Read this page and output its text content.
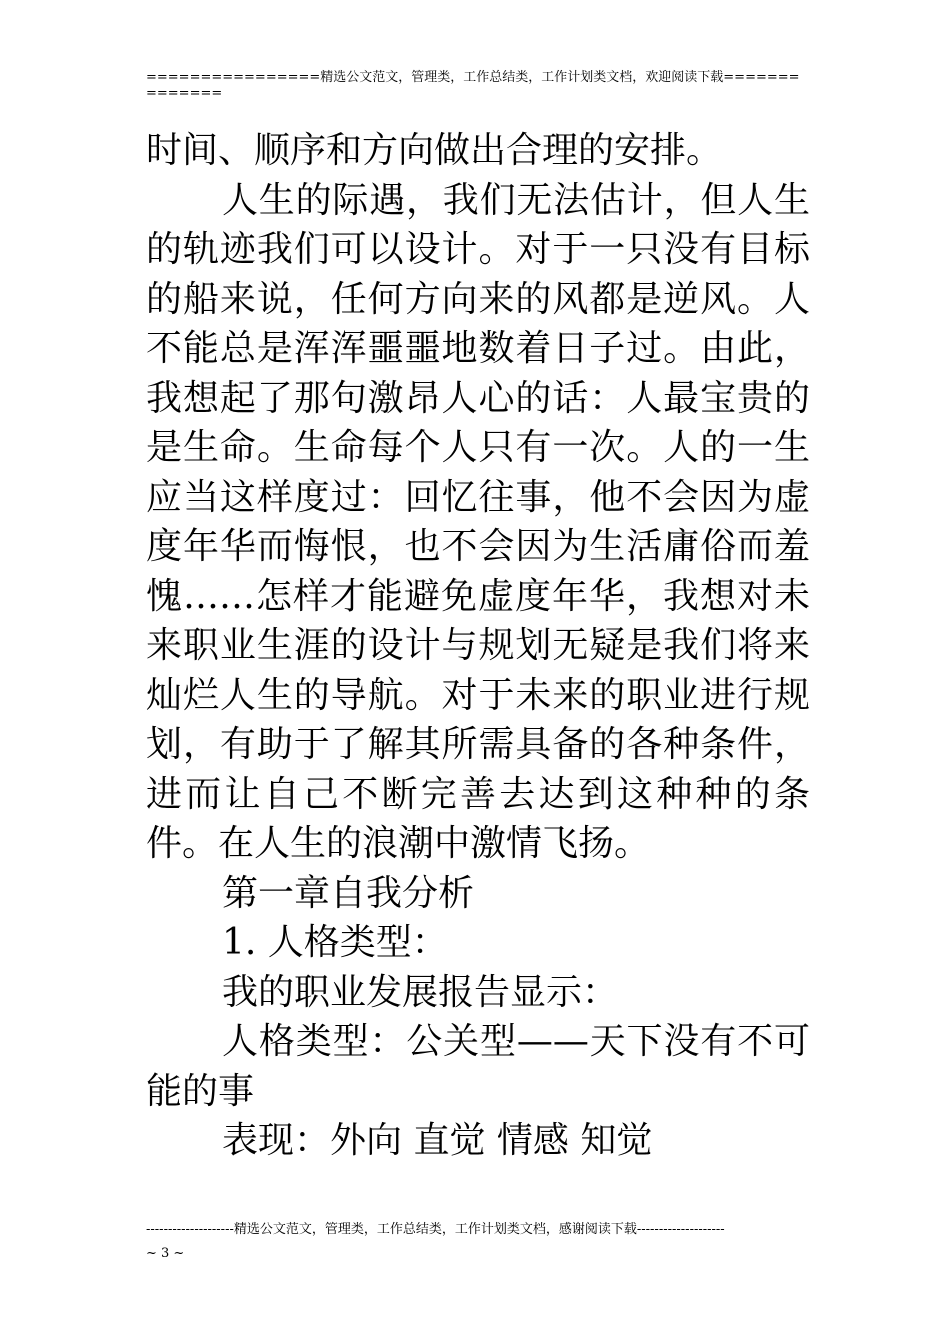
================精选公文范文，管理类，工作总结类，工作计划类文档，欢迎阅读下载==============

时间、顺序和方向做出合理的安排。

人生的际遇，我们无法估计，但人生的轨迹我们可以设计。对于一只没有目标的船来说，任何方向来的风都是逆风。人不能总是浑浑噩噩地数着日子过。由此，我想起了那句激昂人心的话：人最宝贵的是生命。生命每个人只有一次。人的一生应当这样度过：回忆往事，他不会因为虚度年华而悔恨，也不会因为生活庸俗而羞愧……怎样才能避免虚度年华，我想对未来职业生涯的设计与规划无疑是我们将来灿烂人生的导航。对于未来的职业进行规划，有助于了解其所需具备的各种条件，进而让自己不断完善去达到这种种的条件。在人生的浪潮中激情飞扬。

第一章自我分析

1. 人格类型：

我的职业发展报告显示：

人格类型：公关型——天下没有不可能的事

表现：外向 直觉 情感 知觉

--------------------精选公文范文，管理类，工作总结类，工作计划类文档，感谢阅读下载--------------------
~ 3 ~
